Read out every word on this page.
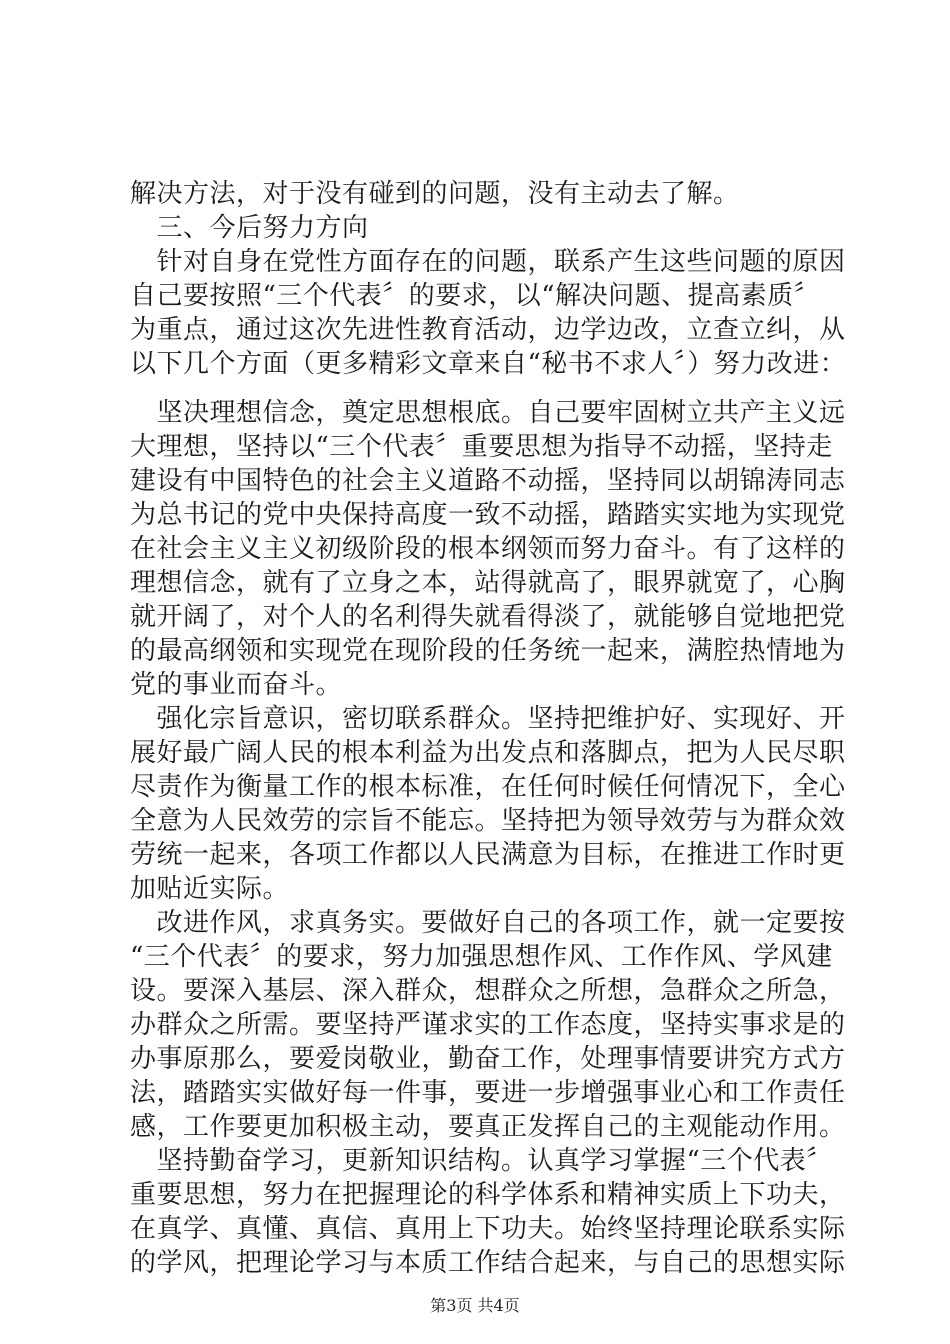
解决方法，对于没有碰到的问题，没有主动去了解。
　三、今后努力方向
　针对自身在党性方面存在的问题，联系产生这些问题的原因
自己要按照“三个代表〞的要求，以“解决问题、提高素质〞
为重点，通过这次先进性教育活动，边学边改，立查立纠，从
以下几个方面（更多精彩文章来自“秘书不求人〞）努力改进：
　坚决理想信念，奠定思想根底。自己要牢固树立共产主义远
大理想，坚持以“三个代表〞重要思想为指导不动摇，坚持走
建设有中国特色的社会主义道路不动摇，坚持同以胡锦涛同志
为总书记的党中央保持高度一致不动摇，踏踏实实地为实现党
在社会主义主义初级阶段的根本纲领而努力奋斗。有了这样的
理想信念，就有了立身之本，站得就高了，眼界就宽了，心胸
就开阔了，对个人的名利得失就看得淡了，就能够自觉地把党
的最高纲领和实现党在现阶段的任务统一起来，满腔热情地为
党的事业而奋斗。
　强化宗旨意识，密切联系群众。坚持把维护好、实现好、开
展好最广阔人民的根本利益为出发点和落脚点，把为人民尽职
尽责作为衡量工作的根本标准，在任何时候任何情况下，全心
全意为人民效劳的宗旨不能忘。坚持把为领导效劳与为群众效
劳统一起来，各项工作都以人民满意为目标，在推进工作时更
加贴近实际。
　改进作风，求真务实。要做好自己的各项工作，就一定要按
“三个代表〞的要求，努力加强思想作风、工作作风、学风建
设。要深入基层、深入群众，想群众之所想，急群众之所急，
办群众之所需。要坚持严谨求实的工作态度，坚持实事求是的
办事原那么，要爱岗敬业，勤奋工作，处理事情要讲究方式方
法，踏踏实实做好每一件事，要进一步增强事业心和工作责任
感，工作要更加积极主动，要真正发挥自己的主观能动作用。
　坚持勤奋学习，更新知识结构。认真学习掌握“三个代表〞
重要思想，努力在把握理论的科学体系和精神实质上下功夫，
在真学、真懂、真信、真用上下功夫。始终坚持理论联系实际
的学风，把理论学习与本质工作结合起来，与自己的思想实际
第3页 共4页
